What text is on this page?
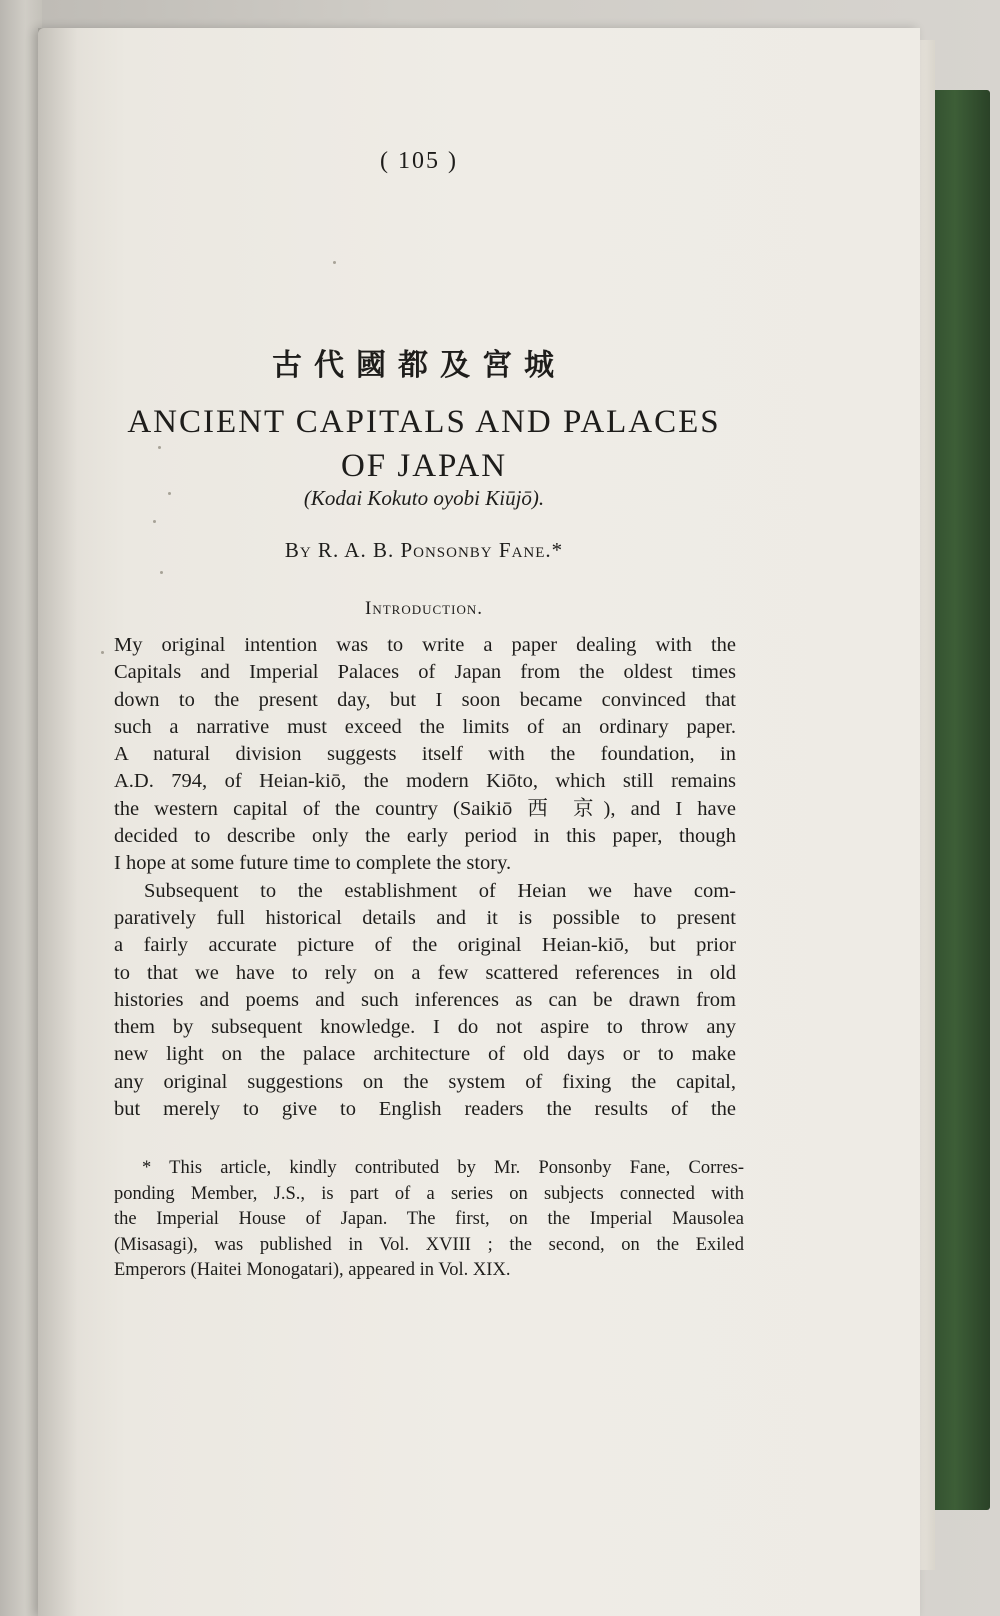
( 105 )
古代國都及宮城
ANCIENT CAPITALS AND PALACES
OF JAPAN
(Kodai Kokuto oyobi Kiūjō).
By R. A. B. Ponsonby Fane.*
Introduction.
My original intention was to write a paper dealing with the
Capitals and Imperial Palaces of Japan from the oldest times
down to the present day, but I soon became convinced that
such a narrative must exceed the limits of an ordinary paper.
A natural division suggests itself with the foundation, in
A.D. 794, of Heian-kiō, the modern Kiōto, which still remains
the western capital of the country (Saikiō 西 京), and I have
decided to describe only the early period in this paper, though
I hope at some future time to complete the story.
Subsequent to the establishment of Heian we have com-
paratively full historical details and it is possible to present
a fairly accurate picture of the original Heian-kiō, but prior
to that we have to rely on a few scattered references in old
histories and poems and such inferences as can be drawn from
them by subsequent knowledge. I do not aspire to throw any
new light on the palace architecture of old days or to make
any original suggestions on the system of fixing the capital,
but merely to give to English readers the results of the
* This article, kindly contributed by Mr. Ponsonby Fane, Corres-
ponding Member, J.S., is part of a series on subjects connected with
the Imperial House of Japan. The first, on the Imperial Mausolea
(Misasagi), was published in Vol. XVIII ; the second, on the Exiled
Emperors (Haitei Monogatari), appeared in Vol. XIX.
